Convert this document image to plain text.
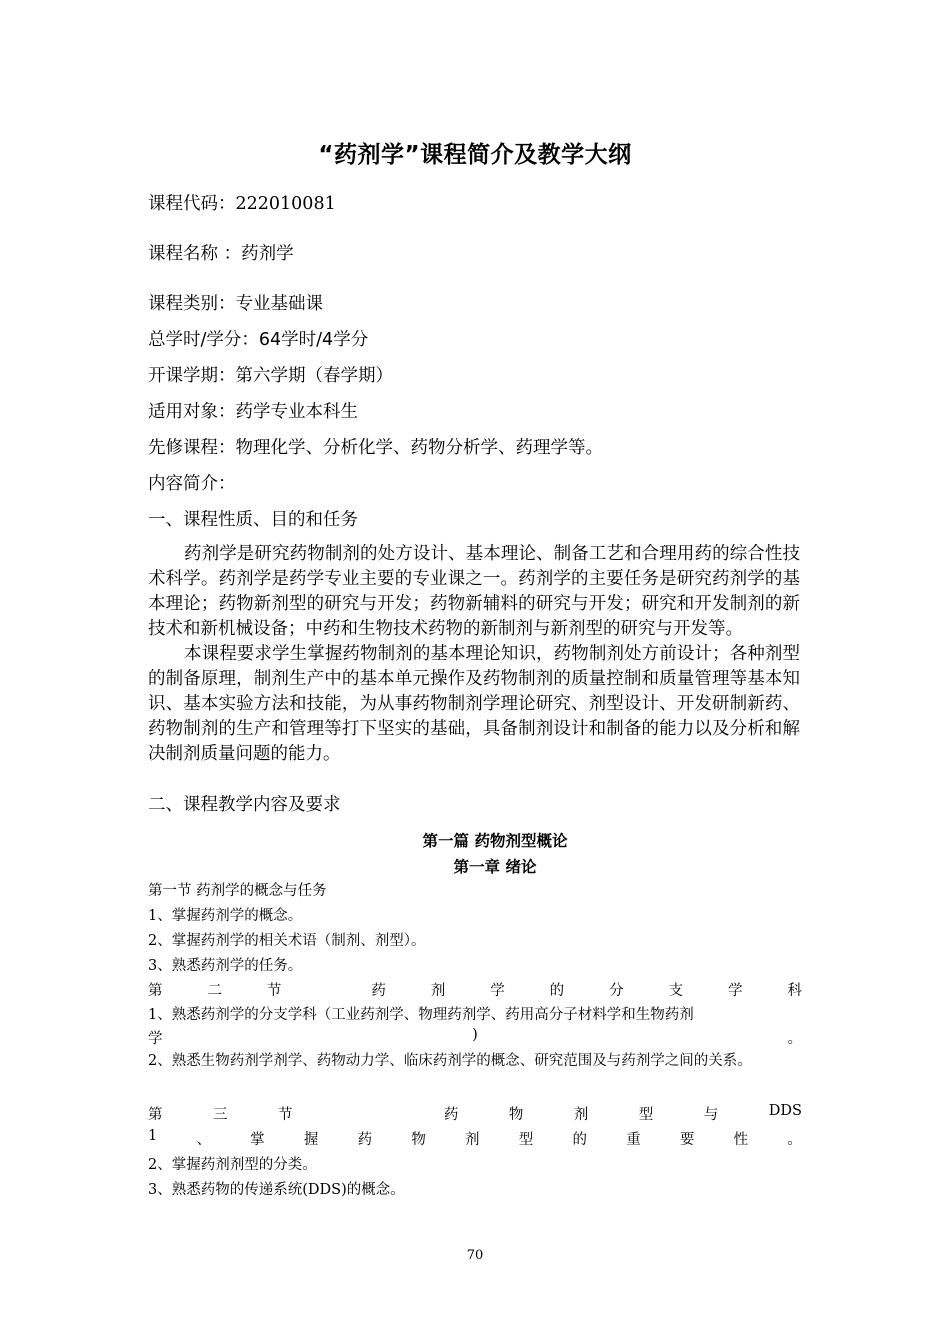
“药剂学”课程简介及教学大纲
课程代码：222010081
课程名称 ：药剂学
课程类别：专业基础课
总学时/学分：64学时/4学分
开课学期：第六学期（春学期）
适用对象：药学专业本科生
先修课程：物理化学、分析化学、药物分析学、药理学等。
内容简介：
一、课程性质、目的和任务

药剂学是研究药物制剂的处方设计、基本理论、制备工艺和合理用药的综合性技术科学。药剂学是药学专业主要的专业课之一。药剂学的主要任务是研究药剂学的基本理论；药物新剂型的研究与开发；药物新辅料的研究与开发；研究和开发制剂的新技术和新机械设备；中药和生物技术药物的新制剂与新剂型的研究与开发等。

本课程要求学生掌握药物制剂的基本理论知识，药物制剂处方前设计；各种剂型的制备原理，制剂生产中的基本单元操作及药物制剂的质量控制和质量管理等基本知识、基本实验方法和技能，为从事药物制剂学理论研究、剂型设计、开发研制新药、药物制剂的生产和管理等打下坚实的基础，具备制剂设计和制备的能力以及分析和解决制剂质量问题的能力。

二、课程教学内容及要求
第一篇 药物剂型概论
第一章 绪论
第一节 药剂学的概念与任务
1、掌握药剂学的概念。
2、掌握药剂学的相关术语（制剂、剂型）。
3、熟悉药剂学的任务。
第	二	节	药	剂	学	的	分	支	学	科
1、熟悉药剂学的分支学科（工业药剂学、物理药剂学、药用高分子材料学和生物药剂
学	)	。
2、熟悉生物药剂学剂学、药物动力学、临床药剂学的概念、研究范围及与药剂学之间的关系。
第	三	节	药	物	剂	型	与	DDS
1	、	掌	握	药	物	剂	型	的	重	要	性	。
2、掌握药剂剂型的分类。
3、熟悉药物的传递系统(DDS)的概念。
70
